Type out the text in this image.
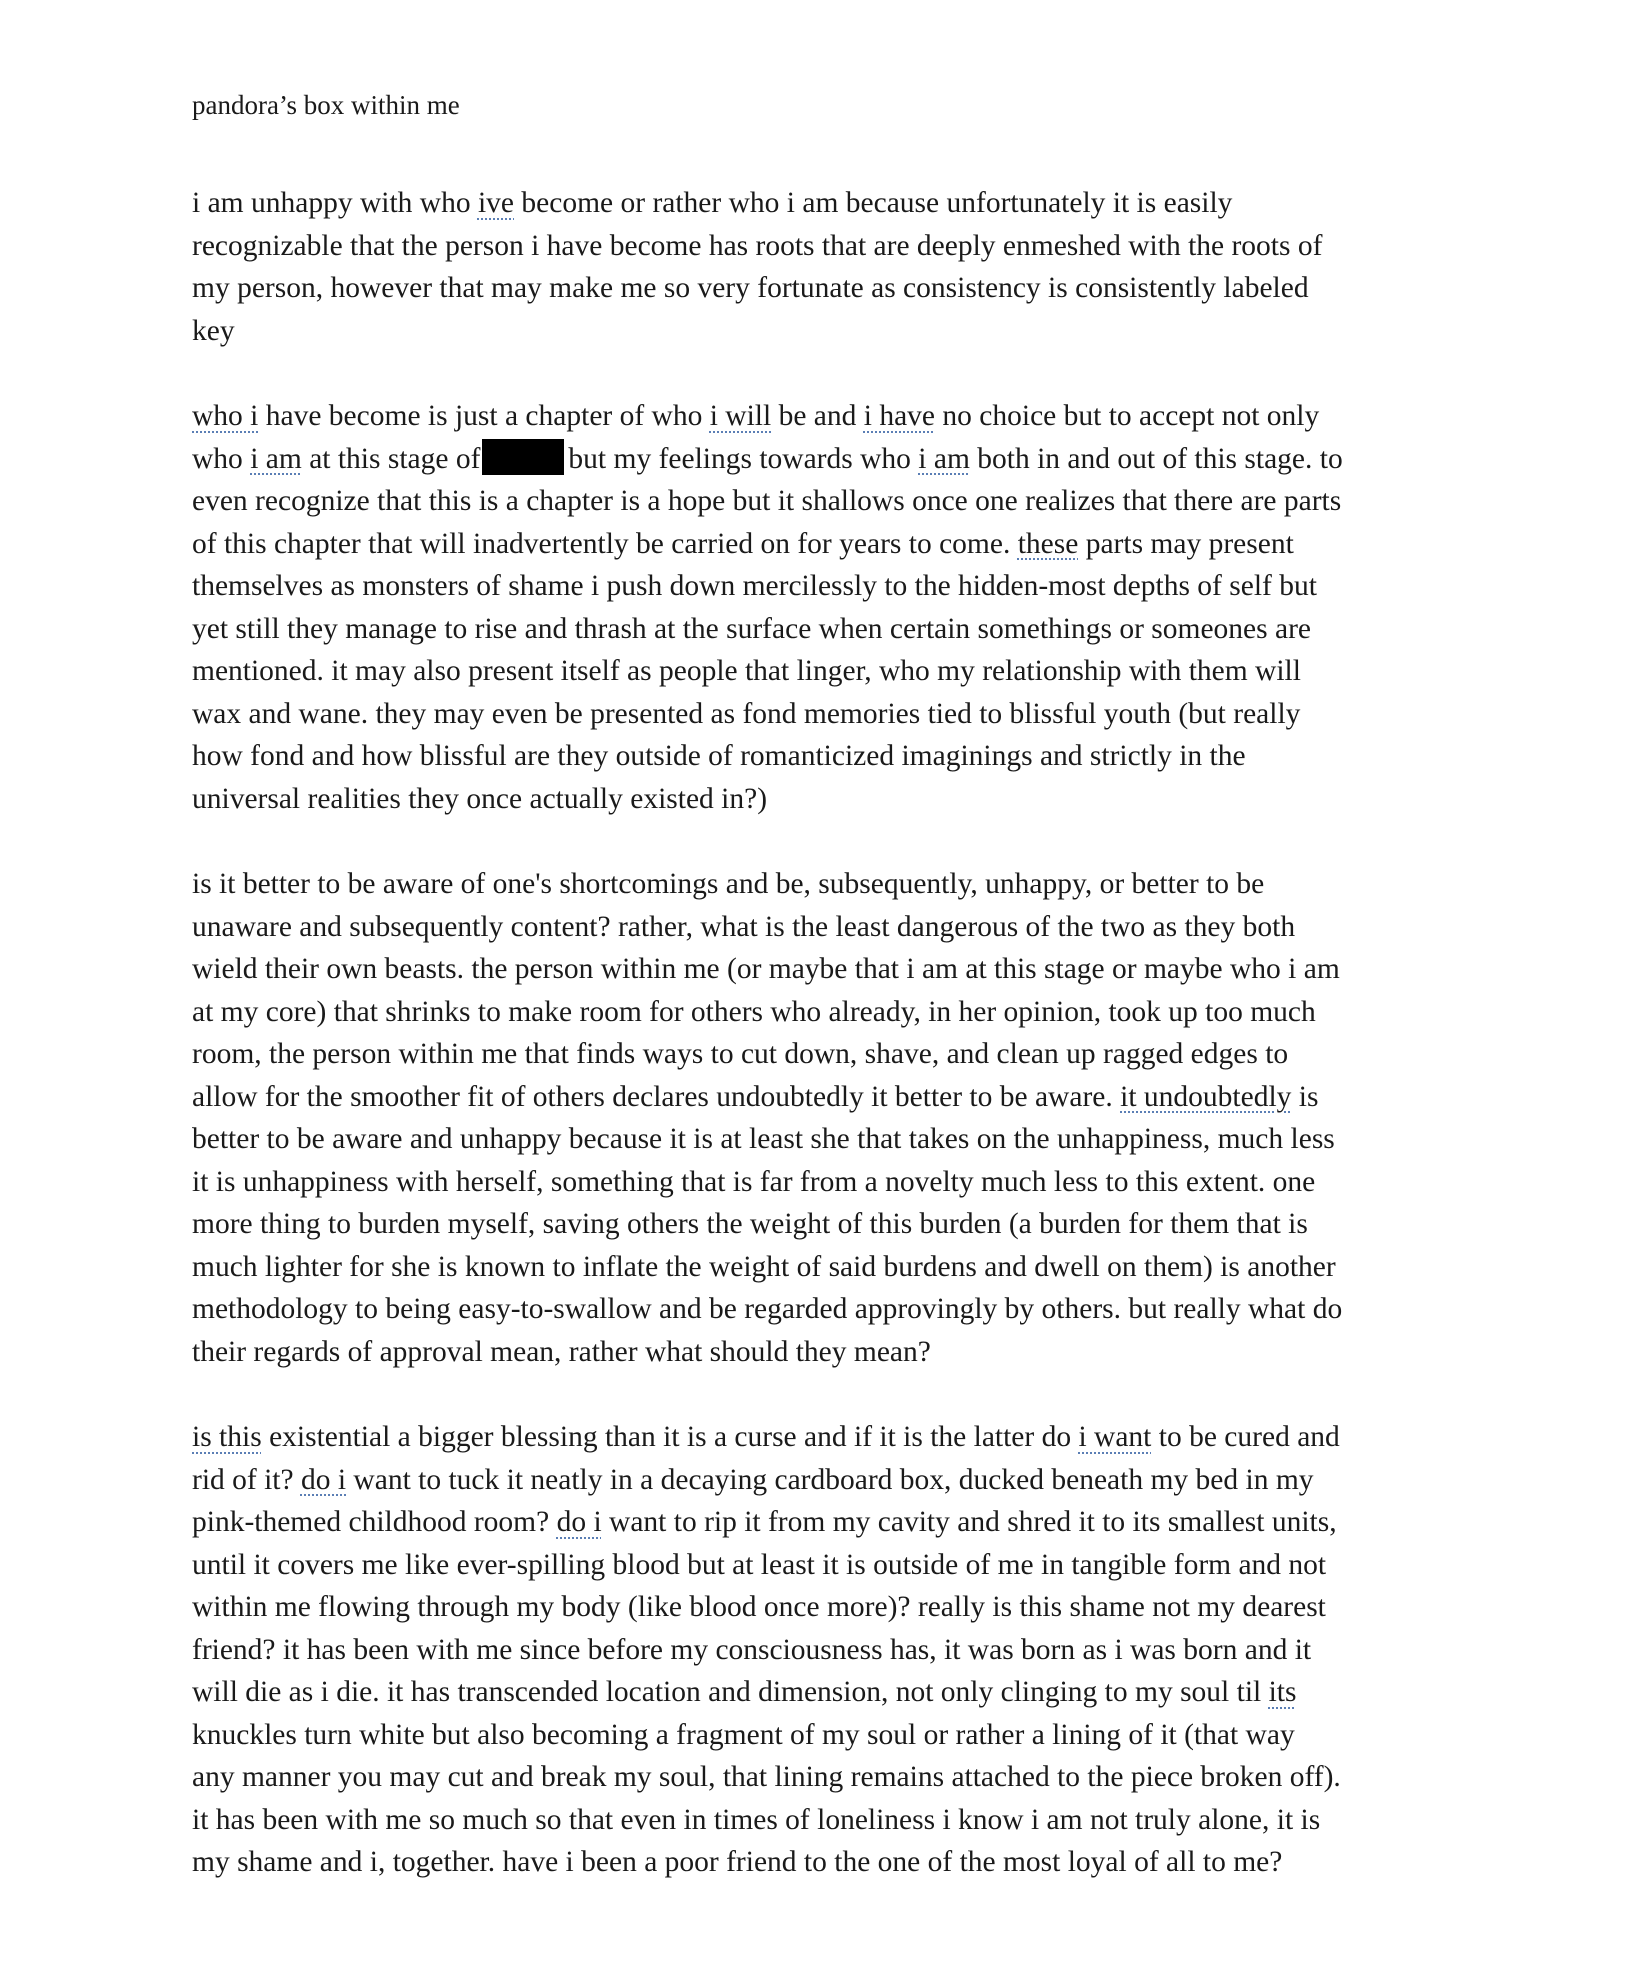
pandora’s box within me

i am unhappy with who ive become or rather who i am because unfortunately it is easily
recognizable that the person i have become has roots that are deeply enmeshed with the roots of
my person, however that may make me so very fortunate as consistency is consistently labeled
key

who i have become is just a chapter of who i will be and i have no choice but to accept not only
who i am at this stage of	but my feelings towards who i am both in and out of this stage. to
even recognize that this is a chapter is a hope but it shallows once one realizes that there are parts
of this chapter that will inadvertently be carried on for years to come. these parts may present
themselves as monsters of shame i push down mercilessly to the hidden-most depths of self but
yet still they manage to rise and thrash at the surface when certain somethings or someones are
mentioned. it may also present itself as people that linger, who my relationship with them will
wax and wane. they may even be presented as fond memories tied to blissful youth (but really
how fond and how blissful are they outside of romanticized imaginings and strictly in the
universal realities they once actually existed in?)

is it better to be aware of one's shortcomings and be, subsequently, unhappy, or better to be
unaware and subsequently content? rather, what is the least dangerous of the two as they both
wield their own beasts. the person within me (or maybe that i am at this stage or maybe who i am
at my core) that shrinks to make room for others who already, in her opinion, took up too much
room, the person within me that finds ways to cut down, shave, and clean up ragged edges to
allow for the smoother fit of others declares undoubtedly it better to be aware. it undoubtedly is
better to be aware and unhappy because it is at least she that takes on the unhappiness, much less
it is unhappiness with herself, something that is far from a novelty much less to this extent. one
more thing to burden myself, saving others the weight of this burden (a burden for them that is
much lighter for she is known to inflate the weight of said burdens and dwell on them) is another
methodology to being easy-to-swallow and be regarded approvingly by others. but really what do
their regards of approval mean, rather what should they mean?

is this existential a bigger blessing than it is a curse and if it is the latter do i want to be cured and
rid of it? do i want to tuck it neatly in a decaying cardboard box, ducked beneath my bed in my
pink-themed childhood room? do i want to rip it from my cavity and shred it to its smallest units,
until it covers me like ever-spilling blood but at least it is outside of me in tangible form and not
within me flowing through my body (like blood once more)? really is this shame not my dearest
friend? it has been with me since before my consciousness has, it was born as i was born and it
will die as i die. it has transcended location and dimension, not only clinging to my soul til its
knuckles turn white but also becoming a fragment of my soul or rather a lining of it (that way
any manner you may cut and break my soul, that lining remains attached to the piece broken off).
it has been with me so much so that even in times of loneliness i know i am not truly alone, it is
my shame and i, together. have i been a poor friend to the one of the most loyal of all to me?
